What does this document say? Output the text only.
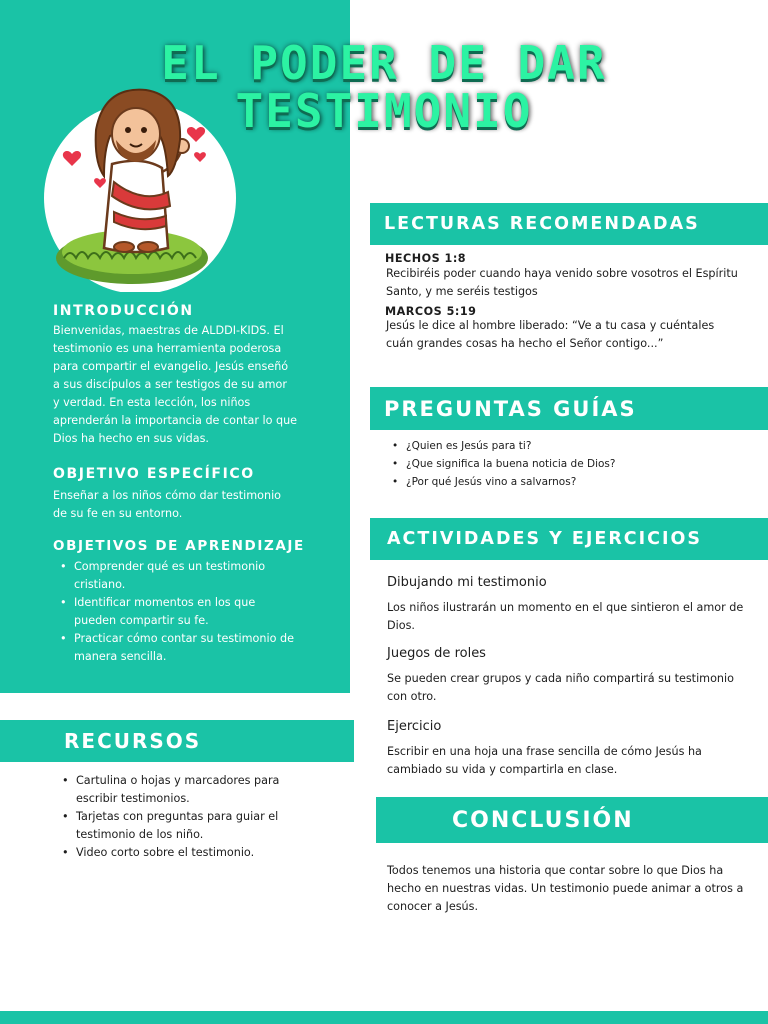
EL PODER DE DAR
TESTIMONIO
INTRODUCCIÓN
Bienvenidas, maestras de ALDDI-KIDS. El
testimonio es una herramienta poderosa
para compartir el evangelio. Jesús enseñó
a sus discípulos a ser testigos de su amor
y verdad. En esta lección, los niños
aprenderán la importancia de contar lo que
Dios ha hecho en sus vidas.
OBJETIVO ESPECÍFICO
Enseñar a los niños cómo dar testimonio
de su fe en su entorno.
OBJETIVOS DE APRENDIZAJE
• Comprender qué es un testimonio
cristiano.
• Identificar momentos en los que
pueden compartir su fe.
• Practicar cómo contar su testimonio de
manera sencilla.
RECURSOS
• Cartulina o hojas y marcadores para
escribir testimonios.
• Tarjetas con preguntas para guiar el
testimonio de los niño.
• Video corto sobre el testimonio.
LECTURAS RECOMENDADAS
HECHOS 1:8
Recibiréis poder cuando haya venido sobre vosotros el Espíritu
Santo, y me seréis testigos
MARCOS 5:19
Jesús le dice al hombre liberado: “Ve a tu casa y cuéntales
cuán grandes cosas ha hecho el Señor contigo...”
PREGUNTAS GUÍAS
• ¿Quien es Jesús para ti?
• ¿Que significa la buena noticia de Dios?
• ¿Por qué Jesús vino a salvarnos?
ACTIVIDADES Y EJERCICIOS
Dibujando mi testimonio
Los niños ilustrarán un momento en el que sintieron el amor de
Dios.
Juegos de roles
Se pueden crear grupos y cada niño compartirá su testimonio
con otro.
Ejercicio
Escribir en una hoja una frase sencilla de cómo Jesús ha
cambiado su vida y compartirla en clase.
CONCLUSIÓN
Todos tenemos una historia que contar sobre lo que Dios ha
hecho en nuestras vidas. Un testimonio puede animar a otros a
conocer a Jesús.
